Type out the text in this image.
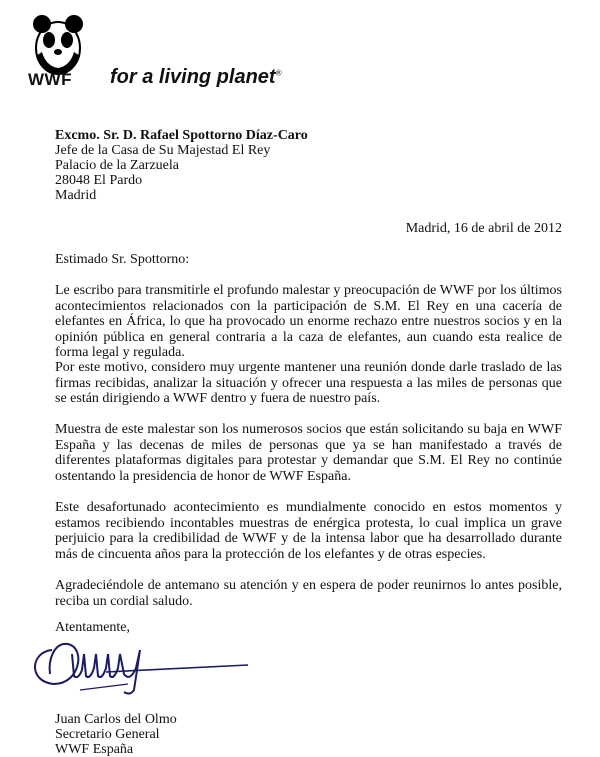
WWF for a living planet®
Excmo. Sr. D. Rafael Spottorno Díaz-Caro
Jefe de la Casa de Su Majestad El Rey
Palacio de la Zarzuela
28048 El Pardo
Madrid
Madrid, 16 de abril de 2012
Estimado Sr. Spottorno:
Le escribo para transmitirle el profundo malestar y preocupación de WWF por los últimos acontecimientos relacionados con la participación de S.M. El Rey en una cacería de elefantes en África, lo que ha provocado un enorme rechazo entre nuestros socios y en la opinión pública en general contraria a la caza de elefantes, aun cuando esta realice de forma legal y regulada.
Por este motivo, considero muy urgente mantener una reunión donde darle traslado de las firmas recibidas, analizar la situación y ofrecer una respuesta a las miles de personas que se están dirigiendo a WWF dentro y fuera de nuestro país.
Muestra de este malestar son los numerosos socios que están solicitando su baja en WWF España y las decenas de miles de personas que ya se han manifestado a través de diferentes plataformas digitales para protestar y demandar que S.M. El Rey no continúe ostentando la presidencia de honor de WWF España.
Este desafortunado acontecimiento es mundialmente conocido en estos momentos y estamos recibiendo incontables muestras de enérgica protesta, lo cual implica un grave perjuicio para la credibilidad de WWF y de la intensa labor que ha desarrollado durante más de cincuenta años para la protección de los elefantes y de otras especies.
Agradeciéndole de antemano su atención y en espera de poder reunirnos lo antes posible, reciba un cordial saludo.
Atentamente,
Juan Carlos del Olmo
Secretario General
WWF España
